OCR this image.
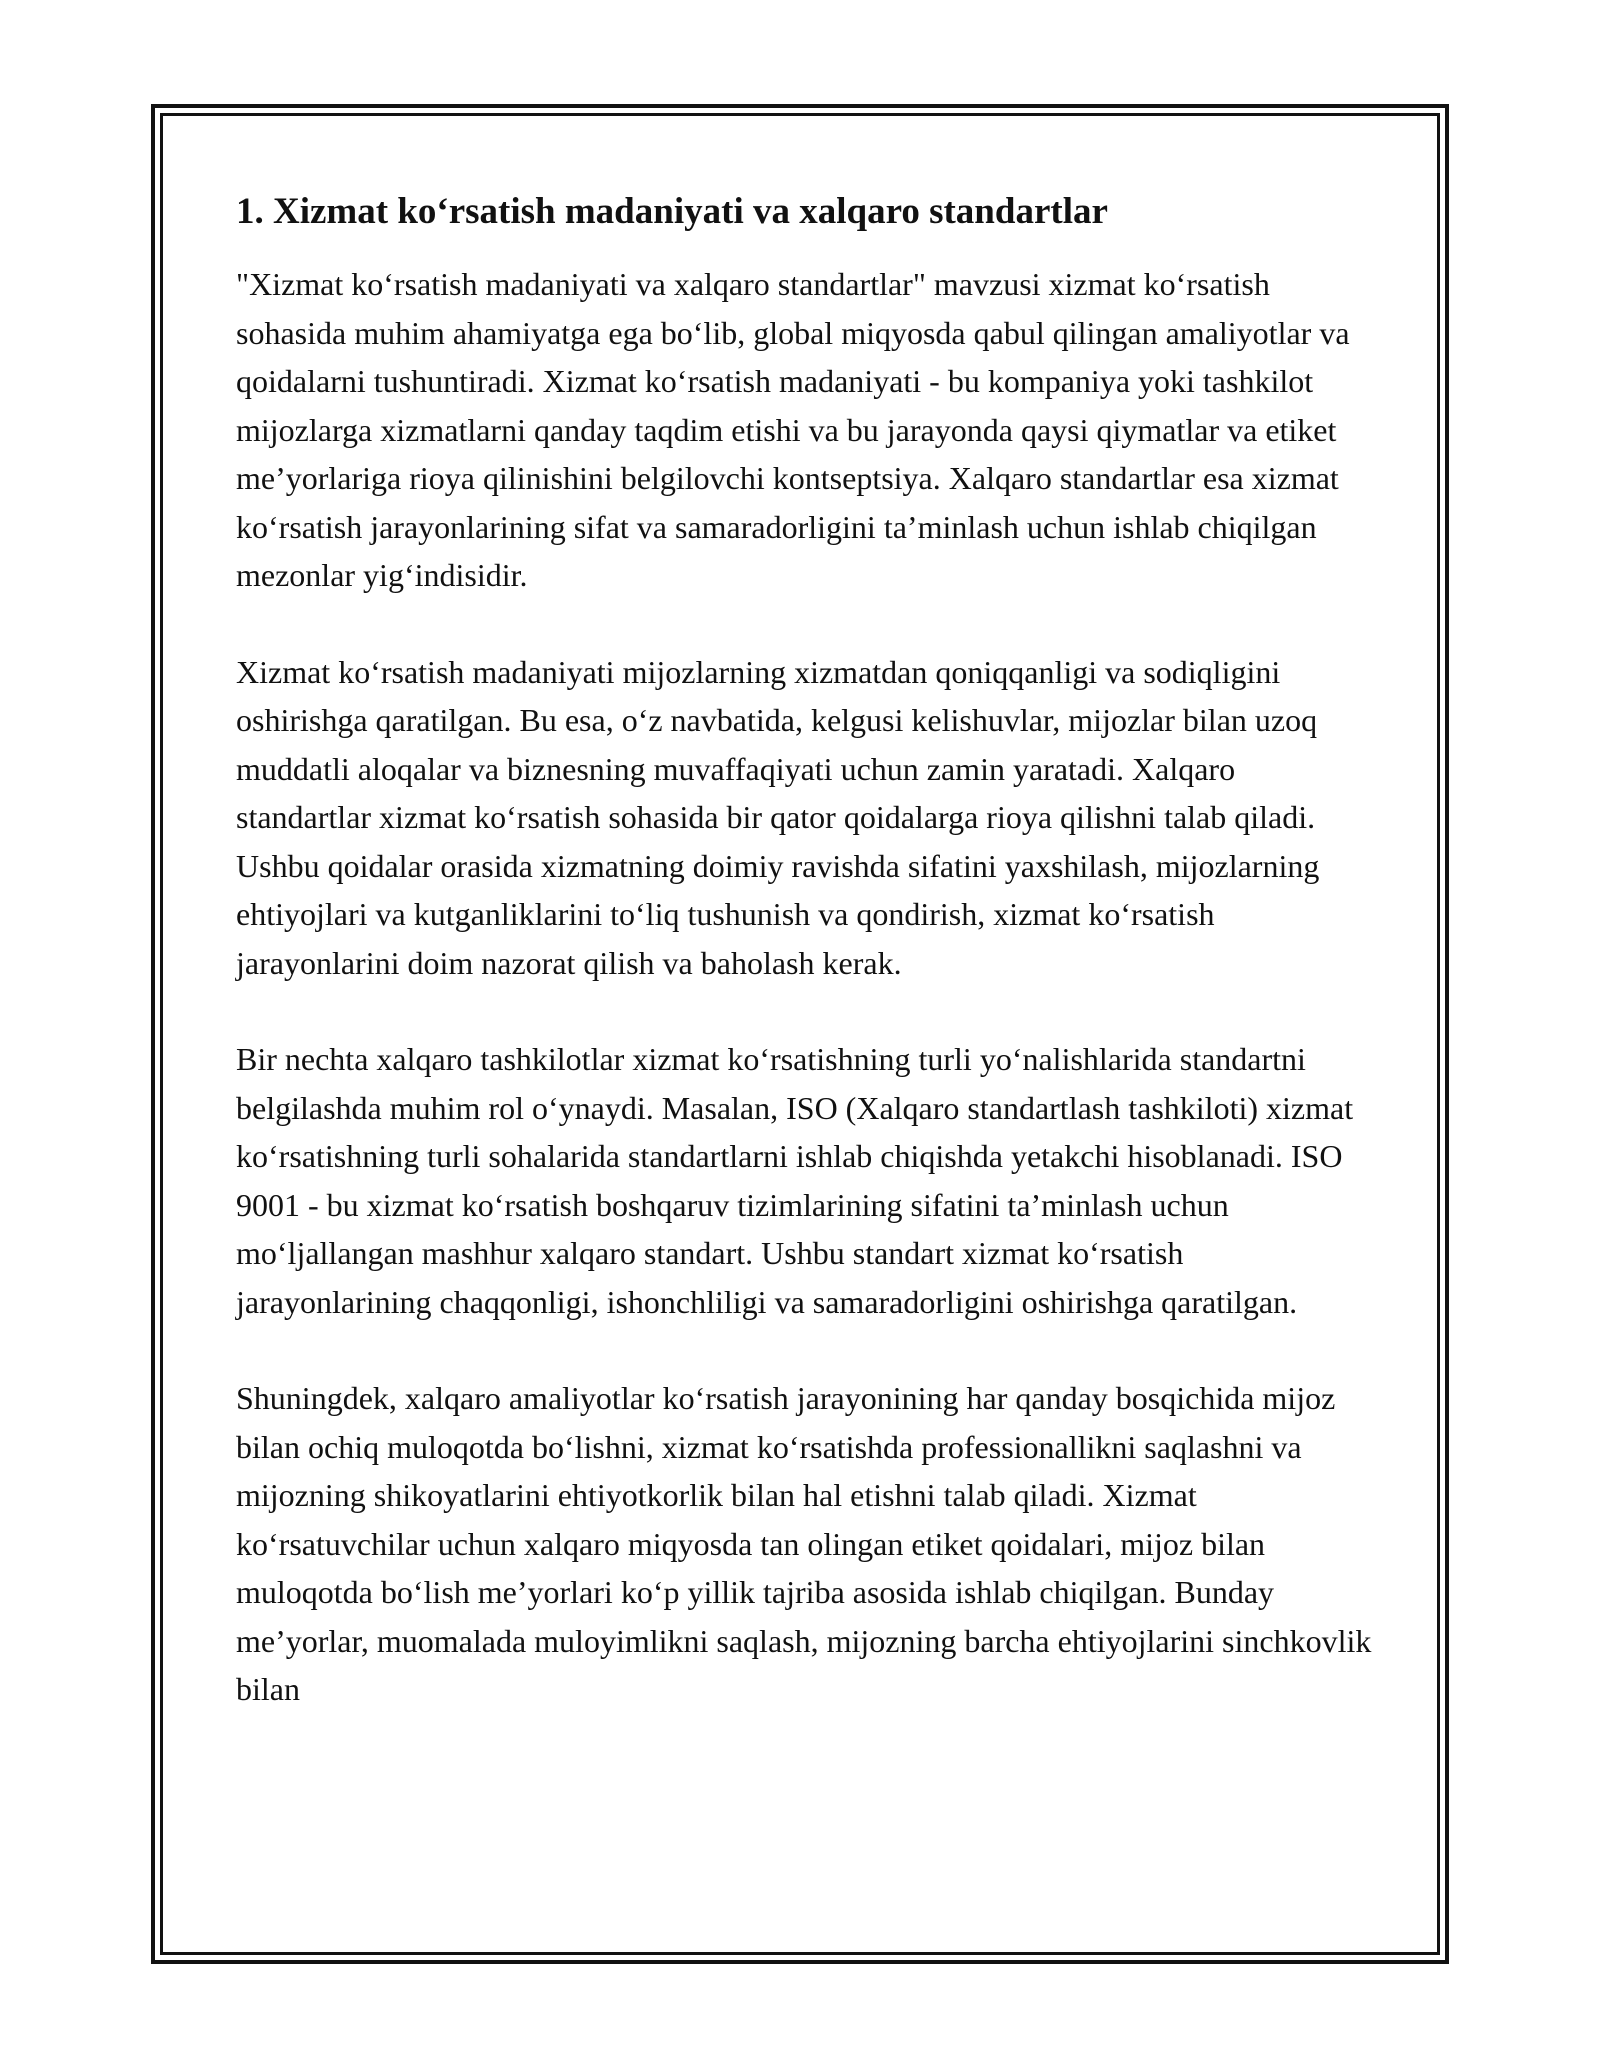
1. Xizmat koʻrsatish madaniyati va xalqaro standartlar

"Xizmat koʻrsatish madaniyati va xalqaro standartlar" mavzusi xizmat koʻrsatish sohasida muhim ahamiyatga ega boʻlib, global miqyosda qabul qilingan amaliyotlar va qoidalarni tushuntiradi. Xizmat koʻrsatish madaniyati - bu kompaniya yoki tashkilot mijozlarga xizmatlarni qanday taqdim etishi va bu jarayonda qaysi qiymatlar va etiket me’yorlariga rioya qilinishini belgilovchi kontseptsiya. Xalqaro standartlar esa xizmat koʻrsatish jarayonlarining sifat va samaradorligini ta’minlash uchun ishlab chiqilgan mezonlar yigʻindisidir.

Xizmat koʻrsatish madaniyati mijozlarning xizmatdan qoniqqanligi va sodiqligini oshirishga qaratilgan. Bu esa, oʻz navbatida, kelgusi kelishuvlar, mijozlar bilan uzoq muddatli aloqalar va biznesning muvaffaqiyati uchun zamin yaratadi. Xalqaro standartlar xizmat koʻrsatish sohasida bir qator qoidalarga rioya qilishni talab qiladi. Ushbu qoidalar orasida xizmatning doimiy ravishda sifatini yaxshilash, mijozlarning ehtiyojlari va kutganliklarini toʻliq tushunish va qondirish, xizmat koʻrsatish jarayonlarini doim nazorat qilish va baholash kerak.

Bir nechta xalqaro tashkilotlar xizmat koʻrsatishning turli yoʻnalishlarida standartni belgilashda muhim rol oʻynaydi. Masalan, ISO (Xalqaro standartlash tashkiloti) xizmat koʻrsatishning turli sohalarida standartlarni ishlab chiqishda yetakchi hisoblanadi. ISO 9001 - bu xizmat koʻrsatish boshqaruv tizimlarining sifatini ta’minlash uchun moʻljallangan mashhur xalqaro standart. Ushbu standart xizmat koʻrsatish jarayonlarining chaqqonligi, ishonchliligi va samaradorligini oshirishga qaratilgan.

Shuningdek, xalqaro amaliyotlar koʻrsatish jarayonining har qanday bosqichida mijoz bilan ochiq muloqotda boʻlishni, xizmat koʻrsatishda professionallikni saqlashni va mijozning shikoyatlarini ehtiyotkorlik bilan hal etishni talab qiladi. Xizmat koʻrsatuvchilar uchun xalqaro miqyosda tan olingan etiket qoidalari, mijoz bilan muloqotda boʻlish me’yorlari koʻp yillik tajriba asosida ishlab chiqilgan. Bunday me’yorlar, muomalada muloyimlikni saqlash, mijozning barcha ehtiyojlarini sinchkovlik bilan
